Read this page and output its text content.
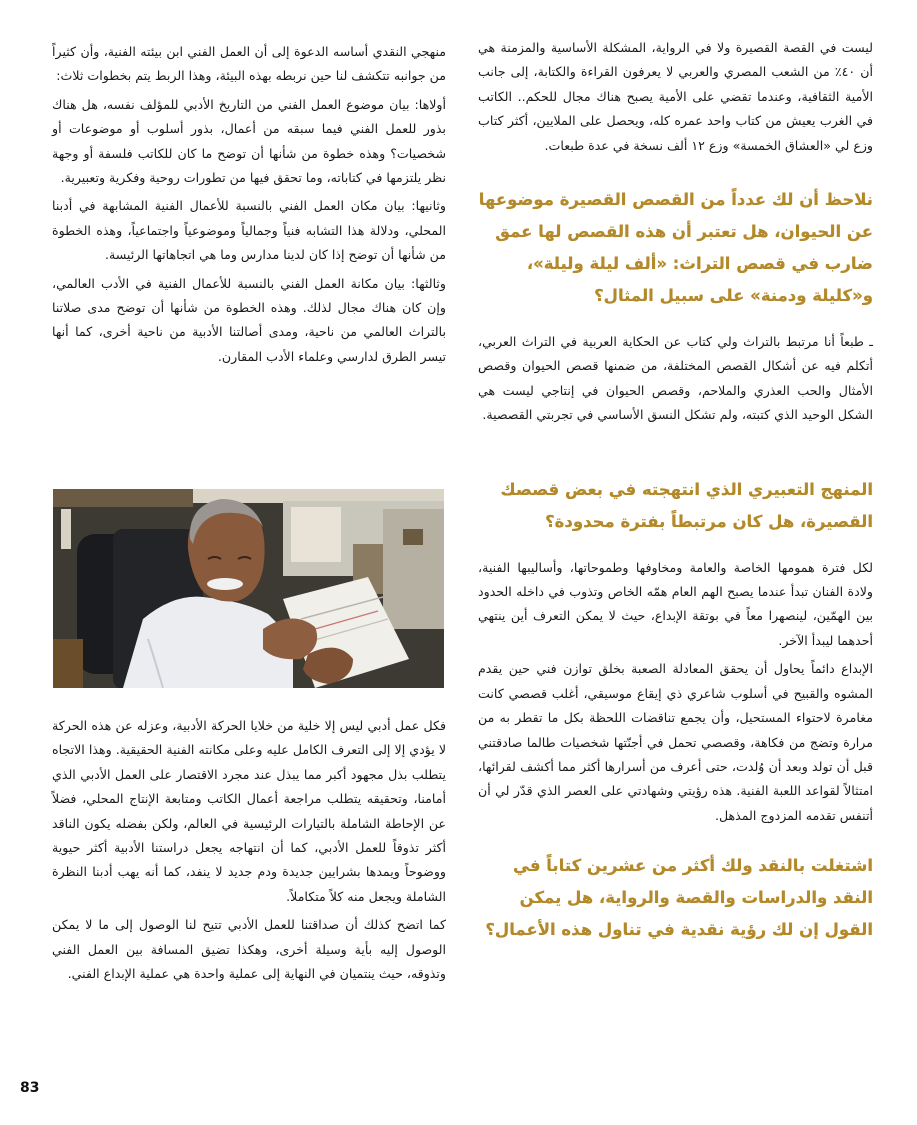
ليست في القصة القصيرة ولا في الرواية، المشكلة الأساسية والمزمنة هي أن ٤٠٪ من الشعب المصري والعربي لا يعرفون القراءة والكتابة، إلى جانب الأمية الثقافية، وعندما تقضي على الأمية يصبح هناك مجال للحكم.. الكاتب في الغرب يعيش من كتاب واحد عمره كله، ويحصل على الملايين، أكثر كتاب وزع لي «العشاق الخمسة» وزع ١٢ ألف نسخة في عدة طبعات.

نلاحظ أن لك عدداً من القصص القصيرة موضوعها عن الحيوان، هل تعتبر أن هذه القصص لها عمق ضارب في قصص التراث: «ألف ليلة وليلة»، و«كليلة ودمنة» على سبيل المثال؟

ـ طبعاً أنا مرتبط بالتراث ولي كتاب عن الحكاية العربية في التراث العربي، أتكلم فيه عن أشكال القصص المختلفة، من ضمنها قصص الحيوان وقصص الأمثال والحب العذري والملاحم، وقصص الحيوان في إنتاجي ليست هي الشكل الوحيد الذي كتبته، ولم تشكل النسق الأساسي في تجربتي القصصية.

المنهج التعبيري الذي انتهجته في بعض قصصك القصيرة، هل كان مرتبطاً بفترة محدودة؟

لكل فترة همومها الخاصة والعامة ومخاوفها وطموحاتها، وأساليبها الفنية، ولادة الفنان تبدأ عندما يصبح الهم العام همّه الخاص وتذوب في داخله الحدود بين الهمّين، لينصهرا معاً في بوتقة الإبداع، حيث لا يمكن التعرف أين ينتهي أحدهما ليبدأ الآخر.

الإبداع دائماً يحاول أن يحقق المعادلة الصعبة بخلق توازن فني حين يقدم المشوه والقبيح في أسلوب شاعري ذي إيقاع موسيقي، أغلب قصصي كانت مغامرة لاحتواء المستحيل، وأن يجمع تناقضات اللحظة بكل ما تقطر به من مرارة وتضج من فكاهة، وقصصي تحمل في أجنّتها شخصيات طالما صادقتني قبل أن تولد وبعد أن وُلدت، حتى أعرف من أسرارها أكثر مما أكشف لقرائها، امتثالاً لقواعد اللعبة الفنية. هذه رؤيتي وشهادتي على العصر الذي قدّر لي أن أتنفس تقدمه المزدوج المذهل.

اشتغلت بالنقد ولك أكثر من عشرين كتاباً في النقد والدراسات والقصة والرواية، هل يمكن القول إن لك رؤية نقدية في تناول هذه الأعمال؟

منهجي النقدي أساسه الدعوة إلى أن العمل الفني ابن بيئته الفنية، وأن كثيراً من جوانبه تتكشف لنا حين نربطه بهذه البيئة، وهذا الربط يتم بخطوات ثلاث:

أولاها: بيان موضوع العمل الفني من التاريخ الأدبي للمؤلف نفسه، هل هناك بذور للعمل الفني فيما سبقه من أعمال، بذور أسلوب أو موضوعات أو شخصيات؟ وهذه خطوة من شأنها أن توضح ما كان للكاتب فلسفة أو وجهة نظر يلتزمها في كتاباته، وما تحقق فيها من تطورات روحية وفكرية وتعبيرية.

وثانيها: بيان مكان العمل الفني بالنسبة للأعمال الفنية المشابهة في أدبنا المحلي، ودلالة هذا التشابه فنياً وجمالياً وموضوعياً واجتماعياً، وهذه الخطوة من شأنها أن توضح إذا كان لدينا مدارس وما هي اتجاهاتها الرئيسة.

وثالثها: بيان مكانة العمل الفني بالنسبة للأعمال الفنية في الأدب العالمي، وإن كان هناك مجال لذلك. وهذه الخطوة من شأنها أن توضح مدى صلاتنا بالتراث العالمي من ناحية، ومدى أصالتنا الأدبية من ناحية أخرى، كما أنها تيسر الطرق لدارسي وعلماء الأدب المقارن.

فكل عمل أدبي ليس إلا خلية من خلايا الحركة الأدبية، وعزله عن هذه الحركة لا يؤدي إلا إلى التعرف الكامل عليه وعلى مكانته الفنية الحقيقية. وهذا الاتجاه يتطلب بذل مجهود أكبر مما يبذل عند مجرد الاقتصار على العمل الأدبي الذي أمامنا، وتحقيقه يتطلب مراجعة أعمال الكاتب ومتابعة الإنتاج المحلي، فضلاً عن الإحاطة الشاملة بالتيارات الرئيسية في العالم، ولكن بفضله يكون الناقد أكثر تذوقاً للعمل الأدبي، كما أن انتهاجه يجعل دراستنا الأدبية أكثر حيوية ووضوحاً ويمدها بشرايين جديدة ودم جديد لا ينفد، كما أنه يهب أدبنا النظرة الشاملة ويجعل منه كلاً متكاملاً.

كما اتضح كذلك أن صداقتنا للعمل الأدبي تتيح لنا الوصول إلى ما لا يمكن الوصول إليه بأية وسيلة أخرى، وهكذا تضيق المسافة بين العمل الفني وتذوقه، حيث ينتميان في النهاية إلى عملية واحدة هي عملية الإبداع الفني.

83
